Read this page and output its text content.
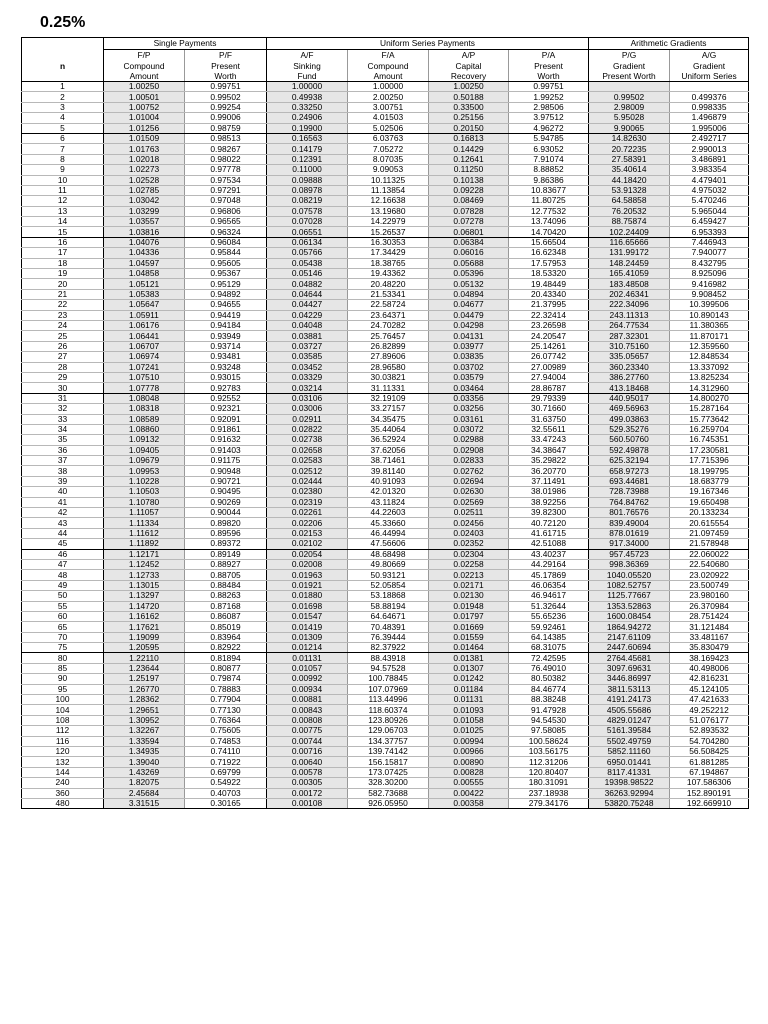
0.25%
	Single Payments		Uniform Series Payments				Arithmetic Gradients	
	F/P	P/F	A/F	F/A	A/P	P/A	P/G	A/G
n	Compound	Present	Sinking	Compound	Capital	Present	Gradient	Gradient
	Amount	Worth	Fund	Amount	Recovery	Worth	Present Worth	Uniform Series
1	1.00250	0.99751	1.00000	1.00000	1.00250	0.99751		
2	1.00501	0.99502	0.49938	2.00250	0.50188	1.99252	0.99502	0.499376
3	1.00752	0.99254	0.33250	3.00751	0.33500	2.98506	2.98009	0.998335
4	1.01004	0.99006	0.24906	4.01503	0.25156	3.97512	5.95028	1.496879
5	1.01256	0.98759	0.19900	5.02506	0.20150	4.96272	9.90065	1.995006
6	1.01509	0.98513	0.16563	6.03763	0.16813	5.94785	14.82630	2.492717
7	1.01763	0.98267	0.14179	7.05272	0.14429	6.93052	20.72235	2.990013
8	1.02018	0.98022	0.12391	8.07035	0.12641	7.91074	27.58391	3.486891
9	1.02273	0.97778	0.11000	9.09053	0.11250	8.88852	35.40614	3.983354
10	1.02528	0.97534	0.09888	10.11325	0.10138	9.86386	44.18420	4.479401
11	1.02785	0.97291	0.08978	11.13854	0.09228	10.83677	53.91328	4.975032
12	1.03042	0.97048	0.08219	12.16638	0.08469	11.80725	64.58858	5.470246
13	1.03299	0.96806	0.07578	13.19680	0.07828	12.77532	76.20532	5.965044
14	1.03557	0.96565	0.07028	14.22979	0.07278	13.74096	88.75874	6.459427
15	1.03816	0.96324	0.06551	15.26537	0.06801	14.70420	102.24409	6.953393
16	1.04076	0.96084	0.06134	16.30353	0.06384	15.66504	116.65666	7.446943
17	1.04336	0.95844	0.05766	17.34429	0.06016	16.62348	131.99172	7.940077
18	1.04597	0.95605	0.05438	18.38765	0.05688	17.57953	148.24459	8.432795
19	1.04858	0.95367	0.05146	19.43362	0.05396	18.53320	165.41059	8.925096
20	1.05121	0.95129	0.04882	20.48220	0.05132	19.48449	183.48508	9.416982
21	1.05383	0.94892	0.04644	21.53341	0.04894	20.43340	202.46341	9.908452
22	1.05647	0.94655	0.04427	22.58724	0.04677	21.37995	222.34096	10.399506
23	1.05911	0.94419	0.04229	23.64371	0.04479	22.32414	243.11313	10.890143
24	1.06176	0.94184	0.04048	24.70282	0.04298	23.26598	264.77534	11.380365
25	1.06441	0.93949	0.03881	25.76457	0.04131	24.20547	287.32301	11.870171
26	1.06707	0.93714	0.03727	26.82899	0.03977	25.14261	310.75160	12.359560
27	1.06974	0.93481	0.03585	27.89606	0.03835	26.07742	335.05657	12.848534
28	1.07241	0.93248	0.03452	28.96580	0.03702	27.00989	360.23340	13.337092
29	1.07510	0.93015	0.03329	30.03821	0.03579	27.94004	386.27760	13.825234
30	1.07778	0.92783	0.03214	31.11331	0.03464	28.86787	413.18468	14.312960
31	1.08048	0.92552	0.03106	32.19109	0.03356	29.79339	440.95017	14.800270
32	1.08318	0.92321	0.03006	33.27157	0.03256	30.71660	469.56963	15.287164
33	1.08589	0.92091	0.02911	34.35475	0.03161	31.63750	499.03863	15.773642
34	1.08860	0.91861	0.02822	35.44064	0.03072	32.55611	529.35276	16.259704
35	1.09132	0.91632	0.02738	36.52924	0.02988	33.47243	560.50760	16.745351
36	1.09405	0.91403	0.02658	37.62056	0.02908	34.38647	592.49878	17.230581
37	1.09679	0.91175	0.02583	38.71461	0.02833	35.29822	625.32194	17.715396
38	1.09953	0.90948	0.02512	39.81140	0.02762	36.20770	658.97273	18.199795
39	1.10228	0.90721	0.02444	40.91093	0.02694	37.11491	693.44681	18.683779
40	1.10503	0.90495	0.02380	42.01320	0.02630	38.01986	728.73988	19.167346
41	1.10780	0.90269	0.02319	43.11824	0.02569	38.92256	764.84762	19.650498
42	1.11057	0.90044	0.02261	44.22603	0.02511	39.82300	801.76576	20.133234
43	1.11334	0.89820	0.02206	45.33660	0.02456	40.72120	839.49004	20.615554
44	1.11612	0.89596	0.02153	46.44994	0.02403	41.61715	878.01619	21.097459
45	1.11892	0.89372	0.02102	47.56606	0.02352	42.51088	917.34000	21.578948
46	1.12171	0.89149	0.02054	48.68498	0.02304	43.40237	957.45723	22.060022
47	1.12452	0.88927	0.02008	49.80669	0.02258	44.29164	998.36369	22.540680
48	1.12733	0.88705	0.01963	50.93121	0.02213	45.17869	1040.05520	23.020922
49	1.13015	0.88484	0.01921	52.05854	0.02171	46.06354	1082.52757	23.500749
50	1.13297	0.88263	0.01880	53.18868	0.02130	46.94617	1125.77667	23.980160
55	1.14720	0.87168	0.01698	58.88194	0.01948	51.32644	1353.52863	26.370984
60	1.16162	0.86087	0.01547	64.64671	0.01797	55.65236	1600.08454	28.751424
65	1.17621	0.85019	0.01419	70.48391	0.01669	59.92461	1864.94272	31.121484
70	1.19099	0.83964	0.01309	76.39444	0.01559	64.14385	2147.61109	33.481167
75	1.20595	0.82922	0.01214	82.37922	0.01464	68.31075	2447.60694	35.830479
80	1.22110	0.81894	0.01131	88.43918	0.01381	72.42595	2764.45681	38.169423
85	1.23644	0.80877	0.01057	94.57528	0.01307	76.49010	3097.69631	40.498006
90	1.25197	0.79874	0.00992	100.78845	0.01242	80.50382	3446.86997	42.816231
95	1.26770	0.78883	0.00934	107.07969	0.01184	84.46774	3811.53113	45.124105
100	1.28362	0.77904	0.00881	113.44996	0.01131	88.38248	4191.24173	47.421633
104	1.29651	0.77130	0.00843	118.60374	0.01093	91.47928	4505.55686	49.252212
108	1.30952	0.76364	0.00808	123.80926	0.01058	94.54530	4829.01247	51.076177
112	1.32267	0.75605	0.00775	129.06703	0.01025	97.58085	5161.39584	52.893532
116	1.33594	0.74853	0.00744	134.37757	0.00994	100.58624	5502.49759	54.704280
120	1.34935	0.74110	0.00716	139.74142	0.00966	103.56175	5852.11160	56.508425
132	1.39040	0.71922	0.00640	156.15817	0.00890	112.31206	6950.01441	61.881285
144	1.43269	0.69799	0.00578	173.07425	0.00828	120.80407	8117.41331	67.194867
240	1.82075	0.54922	0.00305	328.30200	0.00555	180.31091	19398.98522	107.586306
360	2.45684	0.40703	0.00172	582.73688	0.00422	237.18938	36263.92994	152.890191
480	3.31515	0.30165	0.00108	926.05950	0.00358	279.34176	53820.75248	192.669910
